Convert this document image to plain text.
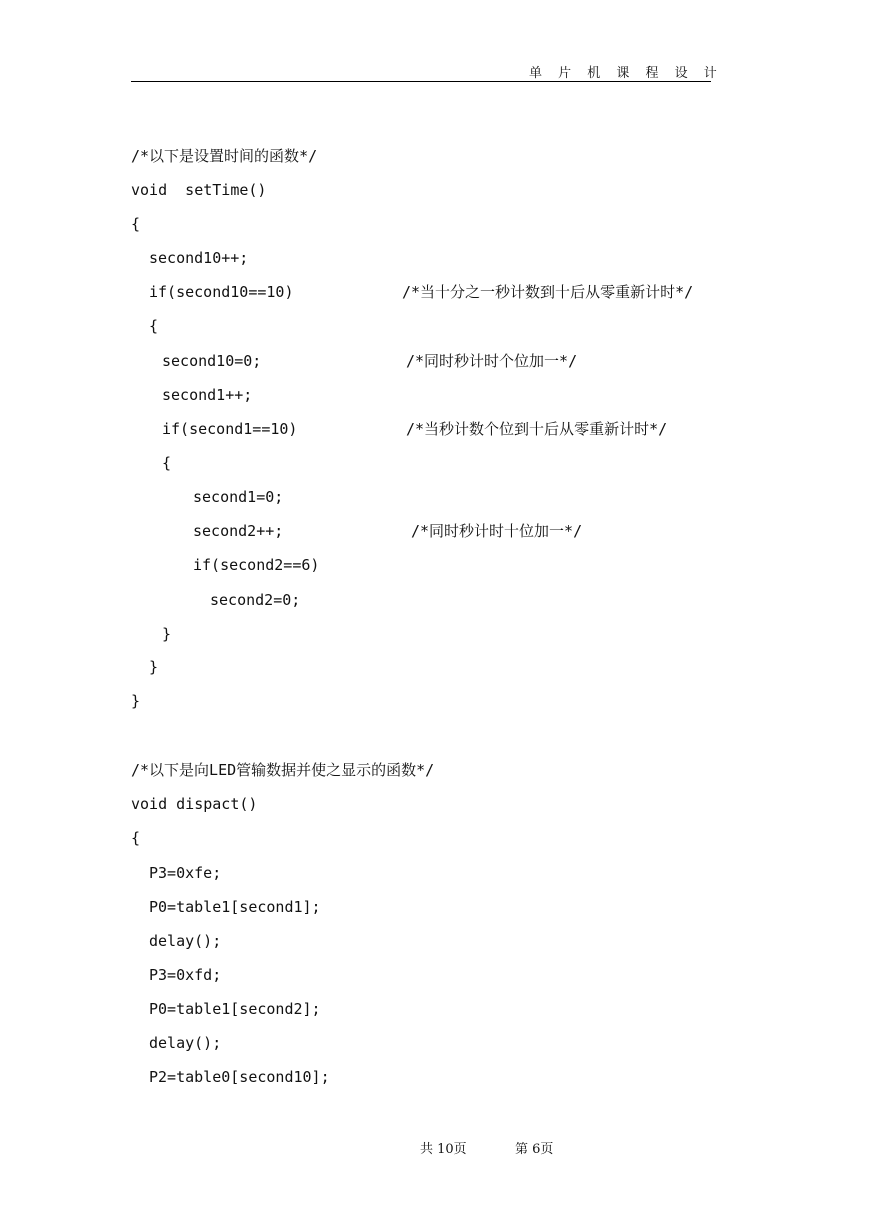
单 片 机 课 程 设 计
/*以下是设置时间的函数*/
void  setTime()
{
second10++;
if(second10==10)	/*当十分之一秒计数到十后从零重新计时*/
{
second10=0;	/*同时秒计时个位加一*/
second1++;
if(second1==10)	/*当秒计数个位到十后从零重新计时*/
{
second1=0;
second2++;	/*同时秒计时十位加一*/
if(second2==6)
second2=0;
}
}
}
/*以下是向LED管输数据并使之显示的函数*/
void dispact()
{
P3=0xfe;
P0=table1[second1];
delay();
P3=0xfd;
P0=table1[second2];
delay();
P2=table0[second10];
共 10页	第 6页
